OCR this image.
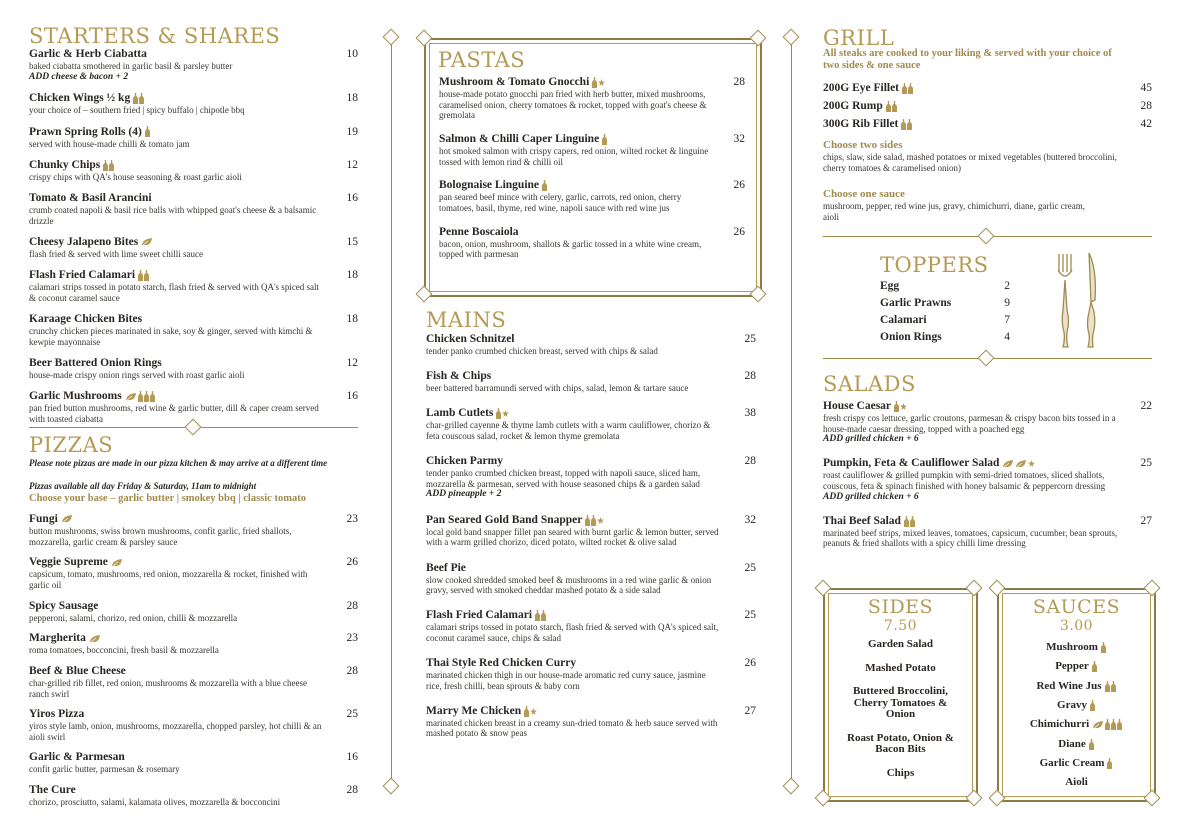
STARTERS & SHARES
Garlic & Herb Ciabatta
baked ciabatta smothered in garlic basil & parsley butter
ADD cheese & bacon + 2
10
Chicken Wings ½ kg
your choice of – southern fried | spicy buffalo | chipotle bbq
18
Prawn Spring Rolls (4)
served with house-made chilli & tomato jam
19
Chunky Chips
crispy chips with QA's house seasoning & roast garlic aioli
12
Tomato & Basil Arancini
crumb coated napoli & basil rice balls with whipped goat's cheese & a balsamic drizzle
16
Cheesy Jalapeno Bites
flash fried & served with lime sweet chilli sauce
15
Flash Fried Calamari
calamari strips tossed in potato starch, flash fried & served with QA's spiced salt & coconut caramel sauce
18
Karaage Chicken Bites
crunchy chicken pieces marinated in sake, soy & ginger, served with kimchi & kewpie mayonnaise
18
Beer Battered Onion Rings
house-made crispy onion rings served with roast garlic aioli
12
Garlic Mushrooms
pan fried button mushrooms, red wine & garlic butter, dill & caper cream served with toasted ciabatta
16
PIZZAS
Please note pizzas are made in our pizza kitchen & may arrive at a different time
Pizzas available all day Friday & Saturday, 11am to midnight
Choose your base – garlic butter | smokey bbq | classic tomato
Fungi
button mushrooms, swiss brown mushrooms, confit garlic, fried shallots, mozzarella, garlic cream & parsley sauce
23
Veggie Supreme
capsicum, tomato, mushrooms, red onion, mozzarella & rocket, finished with garlic oil
26
Spicy Sausage
pepperoni, salami, chorizo, red onion, chilli & mozzarella
28
Margherita
roma tomatoes, bocconcini, fresh basil & mozzarella
23
Beef & Blue Cheese
char-grilled rib fillet, red onion, mushrooms & mozzarella with a blue cheese ranch swirl
28
Yiros Pizza
yiros style lamb, onion, mushrooms, mozzarella, chopped parsley, hot chilli & an aioli swirl
25
Garlic & Parmesan
confit garlic butter, parmesan & rosemary
16
The Cure
chorizo, prosciutto, salami, kalamata olives, mozzarella & bocconcini
28
PASTAS
Mushroom & Tomato Gnocchi
house-made potato gnocchi pan fried with herb butter, mixed mushrooms, caramelised onion, cherry tomatoes & rocket, topped with goat's cheese & gremolata
28
Salmon & Chilli Caper Linguine
hot smoked salmon with crispy capers, red onion, wilted rocket & linguine tossed with lemon rind & chilli oil
32
Bolognaise Linguine
pan seared beef mince with celery, garlic, carrots, red onion, cherry tomatoes, basil, thyme, red wine, napoli sauce with red wine jus
26
Penne Boscaiola
bacon, onion, mushroom, shallots & garlic tossed in a white wine cream, topped with parmesan
26
MAINS
Chicken Schnitzel
tender panko crumbed chicken breast, served with chips & salad
25
Fish & Chips
beer battered barramundi served with chips, salad, lemon & tartare sauce
28
Lamb Cutlets
char-grilled cayenne & thyme lamb cutlets with a warm cauliflower, chorizo & feta couscous salad, rocket & lemon thyme gremolata
38
Chicken Parmy
tender panko crumbed chicken breast, topped with napoli sauce, sliced ham, mozzarella & parmesan, served with house seasoned chips & a garden salad
ADD pineapple + 2
28
Pan Seared Gold Band Snapper
local gold band snapper fillet pan seared with burnt garlic & lemon butter, served with a warm grilled chorizo, diced potato, wilted rocket & olive salad
32
Beef Pie
slow cooked shredded smoked beef & mushrooms in a red wine garlic & onion gravy, served with smoked cheddar mashed potato & a side salad
25
Flash Fried Calamari
calamari strips tossed in potato starch, flash fried & served with QA's spiced salt, coconut caramel sauce, chips & salad
25
Thai Style Red Chicken Curry
marinated chicken thigh in our house-made aromatic red curry sauce, jasmine rice, fresh chilli, bean sprouts & baby corn
26
Marry Me Chicken
marinated chicken breast in a creamy sun-dried tomato & herb sauce served with mashed potato & snow peas
27
GRILL
All steaks are cooked to your liking & served with your choice of two sides & one sauce
200G Eye Fillet	45
200G Rump	28
300G Rib Fillet	42
Choose two sides
chips, slaw, side salad, mashed potatoes or mixed vegetables (buttered broccolini, cherry tomatoes & caramelised onion)
Choose one sauce
mushroom, pepper, red wine jus, gravy, chimichurri, diane, garlic cream, aioli
TOPPERS
Egg	2
Garlic Prawns	9
Calamari	7
Onion Rings	4
SALADS
House Caesar
fresh crispy cos lettuce, garlic croutons, parmesan & crispy bacon bits tossed in a house-made caesar dressing, topped with a poached egg
ADD grilled chicken + 6
22
Pumpkin, Feta & Cauliflower Salad
roast cauliflower & grilled pumpkin with semi-dried tomatoes, sliced shallots, couscous, feta & spinach finished with honey balsamic & peppercorn dressing
ADD grilled chicken + 6
25
Thai Beef Salad
marinated beef strips, mixed leaves, tomatoes, capsicum, cucumber, bean sprouts, peanuts & fried shallots with a spicy chilli lime dressing
27
SIDES
7.50
Garden Salad
Mashed Potato
Buttered Broccolini, Cherry Tomatoes & Onion
Roast Potato, Onion & Bacon Bits
Chips
SAUCES
3.00
Mushroom
Pepper
Red Wine Jus
Gravy
Chimichurri
Diane
Garlic Cream
Aioli
